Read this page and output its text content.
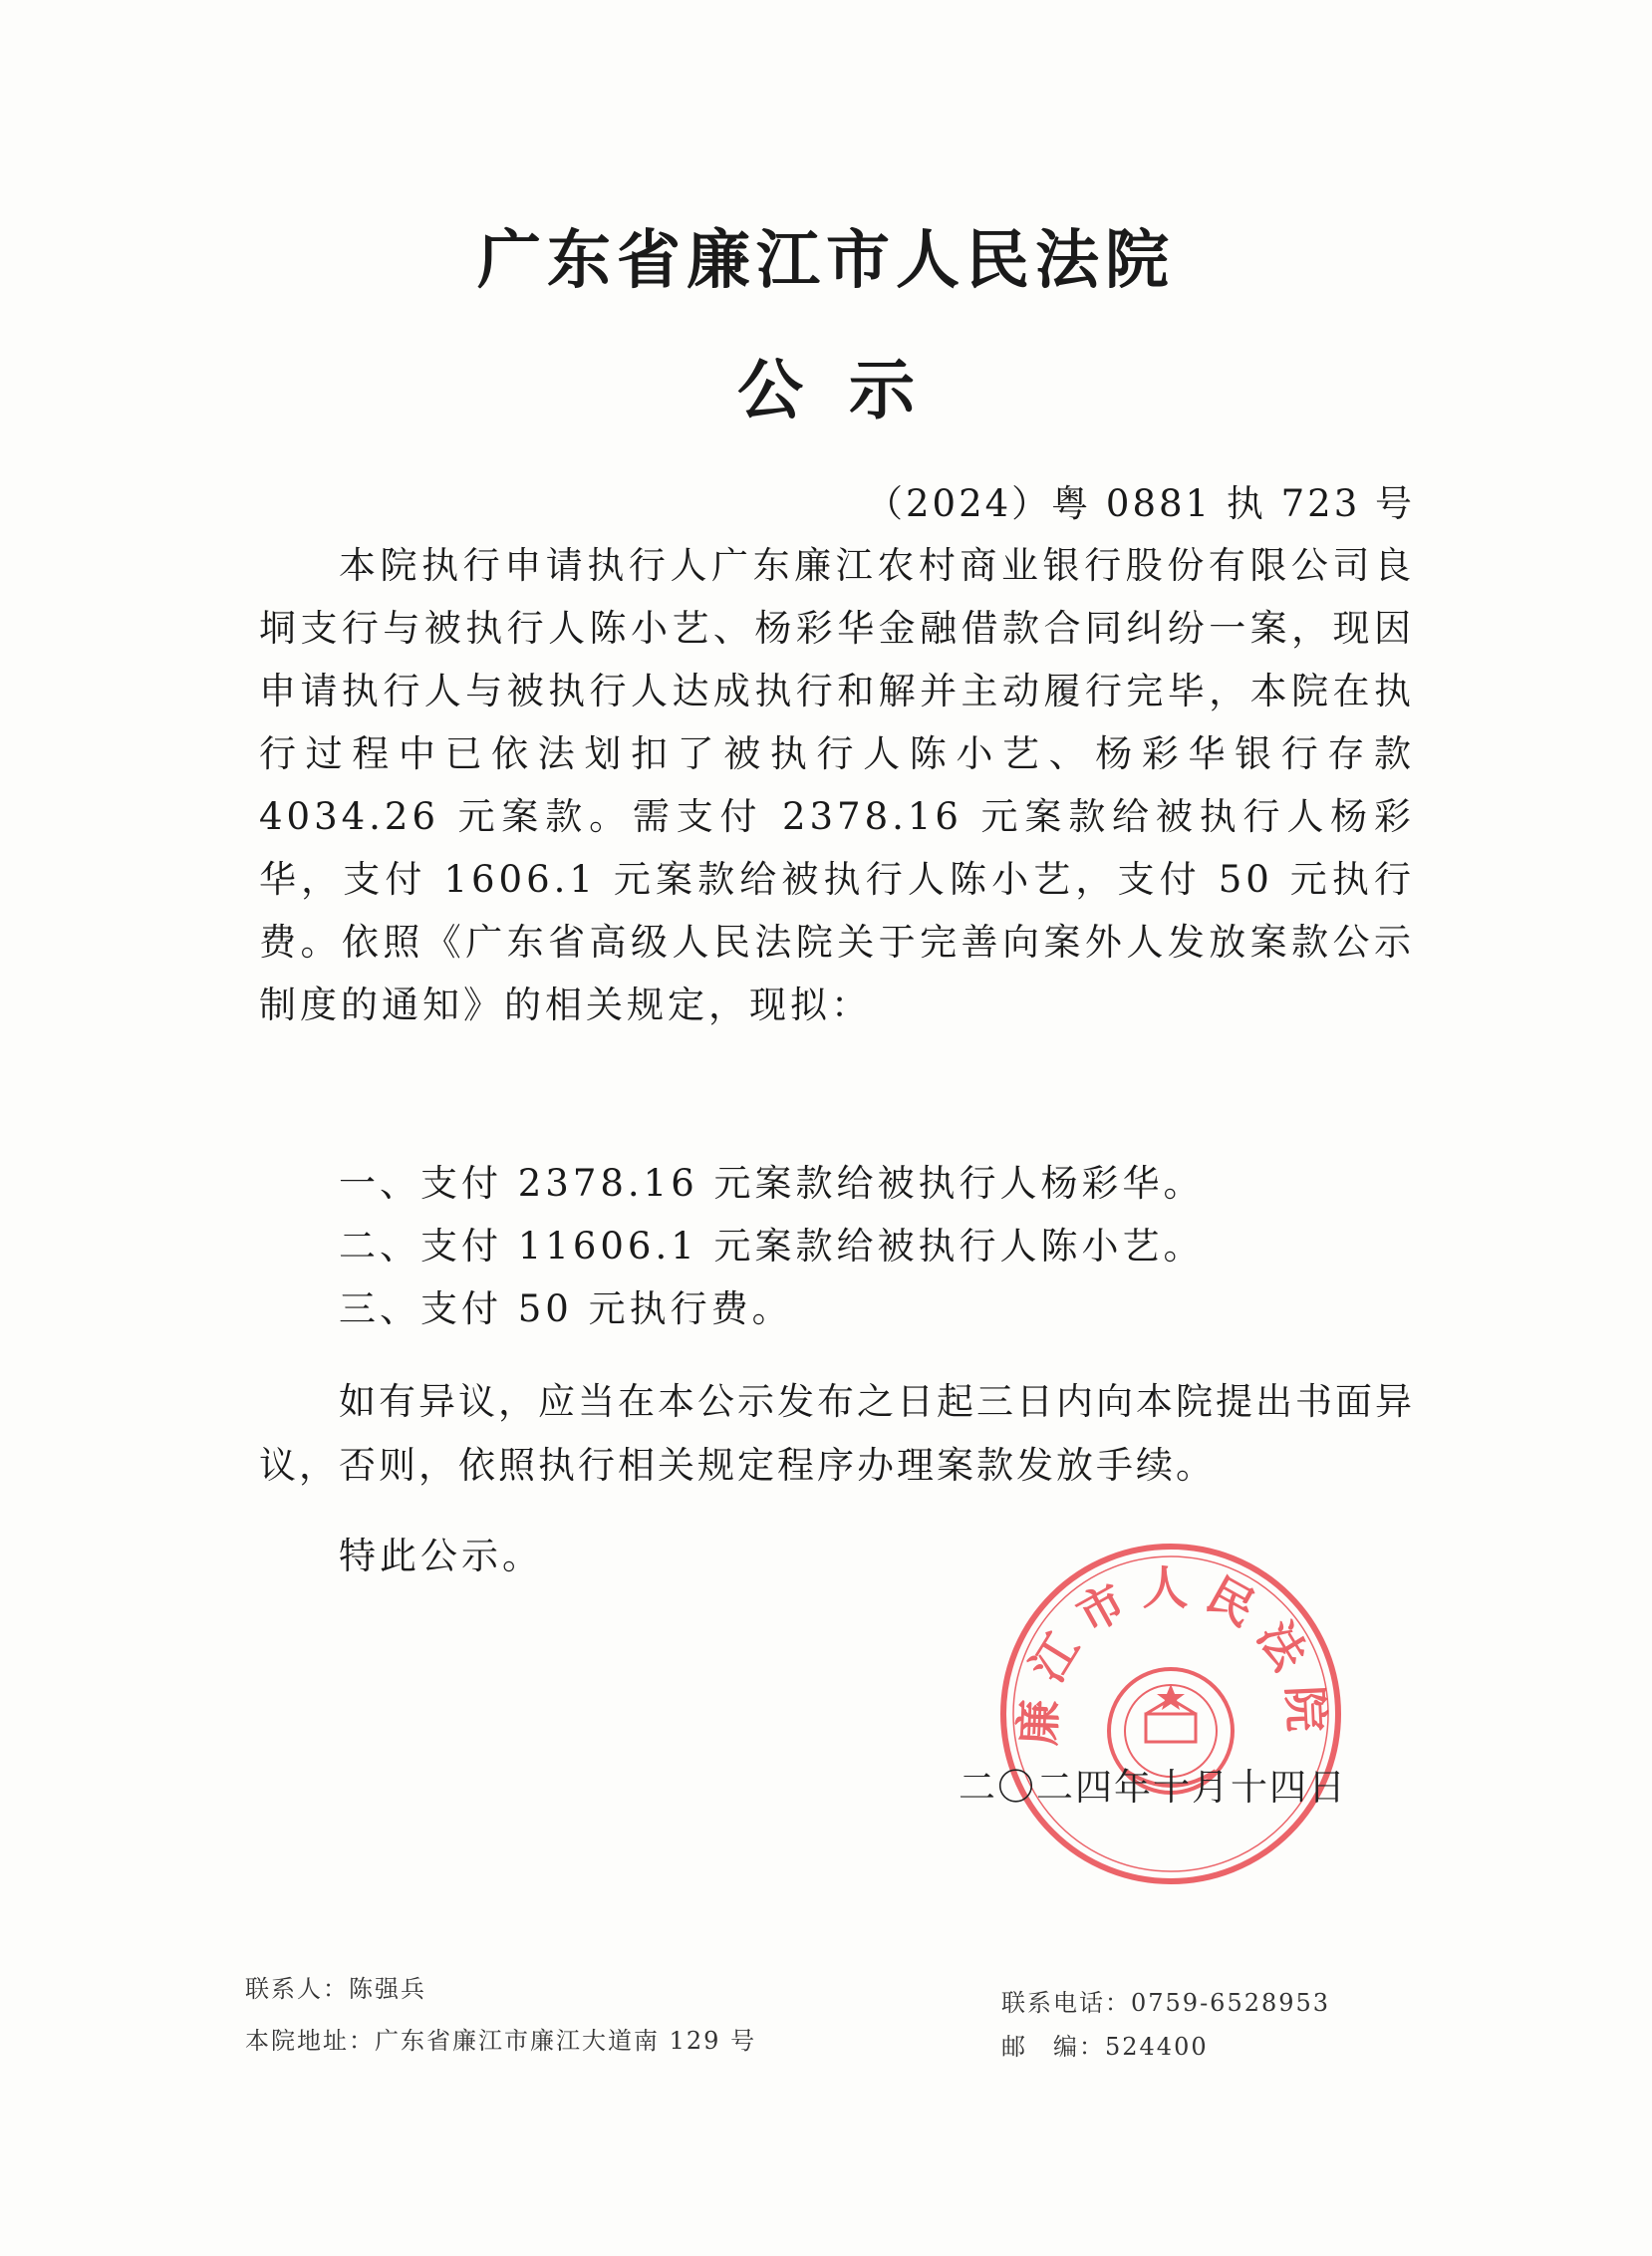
广东省廉江市人民法院
公示
（2024）粤 0881 执 723 号

本院执行申请执行人广东廉江农村商业银行股份有限公司良垌支行与被执行人陈小艺、杨彩华金融借款合同纠纷一案，现因申请执行人与被执行人达成执行和解并主动履行完毕，本院在执行过程中已依法划扣了被执行人陈小艺、杨彩华银行存款 4034.26 元案款。需支付 2378.16 元案款给被执行人杨彩华，支付 1606.1 元案款给被执行人陈小艺，支付 50 元执行费。依照《广东省高级人民法院关于完善向案外人发放案款公示制度的通知》的相关规定，现拟：

一、支付 2378.16 元案款给被执行人杨彩华。
二、支付 11606.1 元案款给被执行人陈小艺。
三、支付 50 元执行费。

如有异议，应当在本公示发布之日起三日内向本院提出书面异议，否则，依照执行相关规定程序办理案款发放手续。

特此公示。
廉江市人民法院
二〇二四年十月十四日
联系人：陈强兵
本院地址：广东省廉江市廉江大道南 129 号
联系电话：0759-6528953
邮　编：524400
